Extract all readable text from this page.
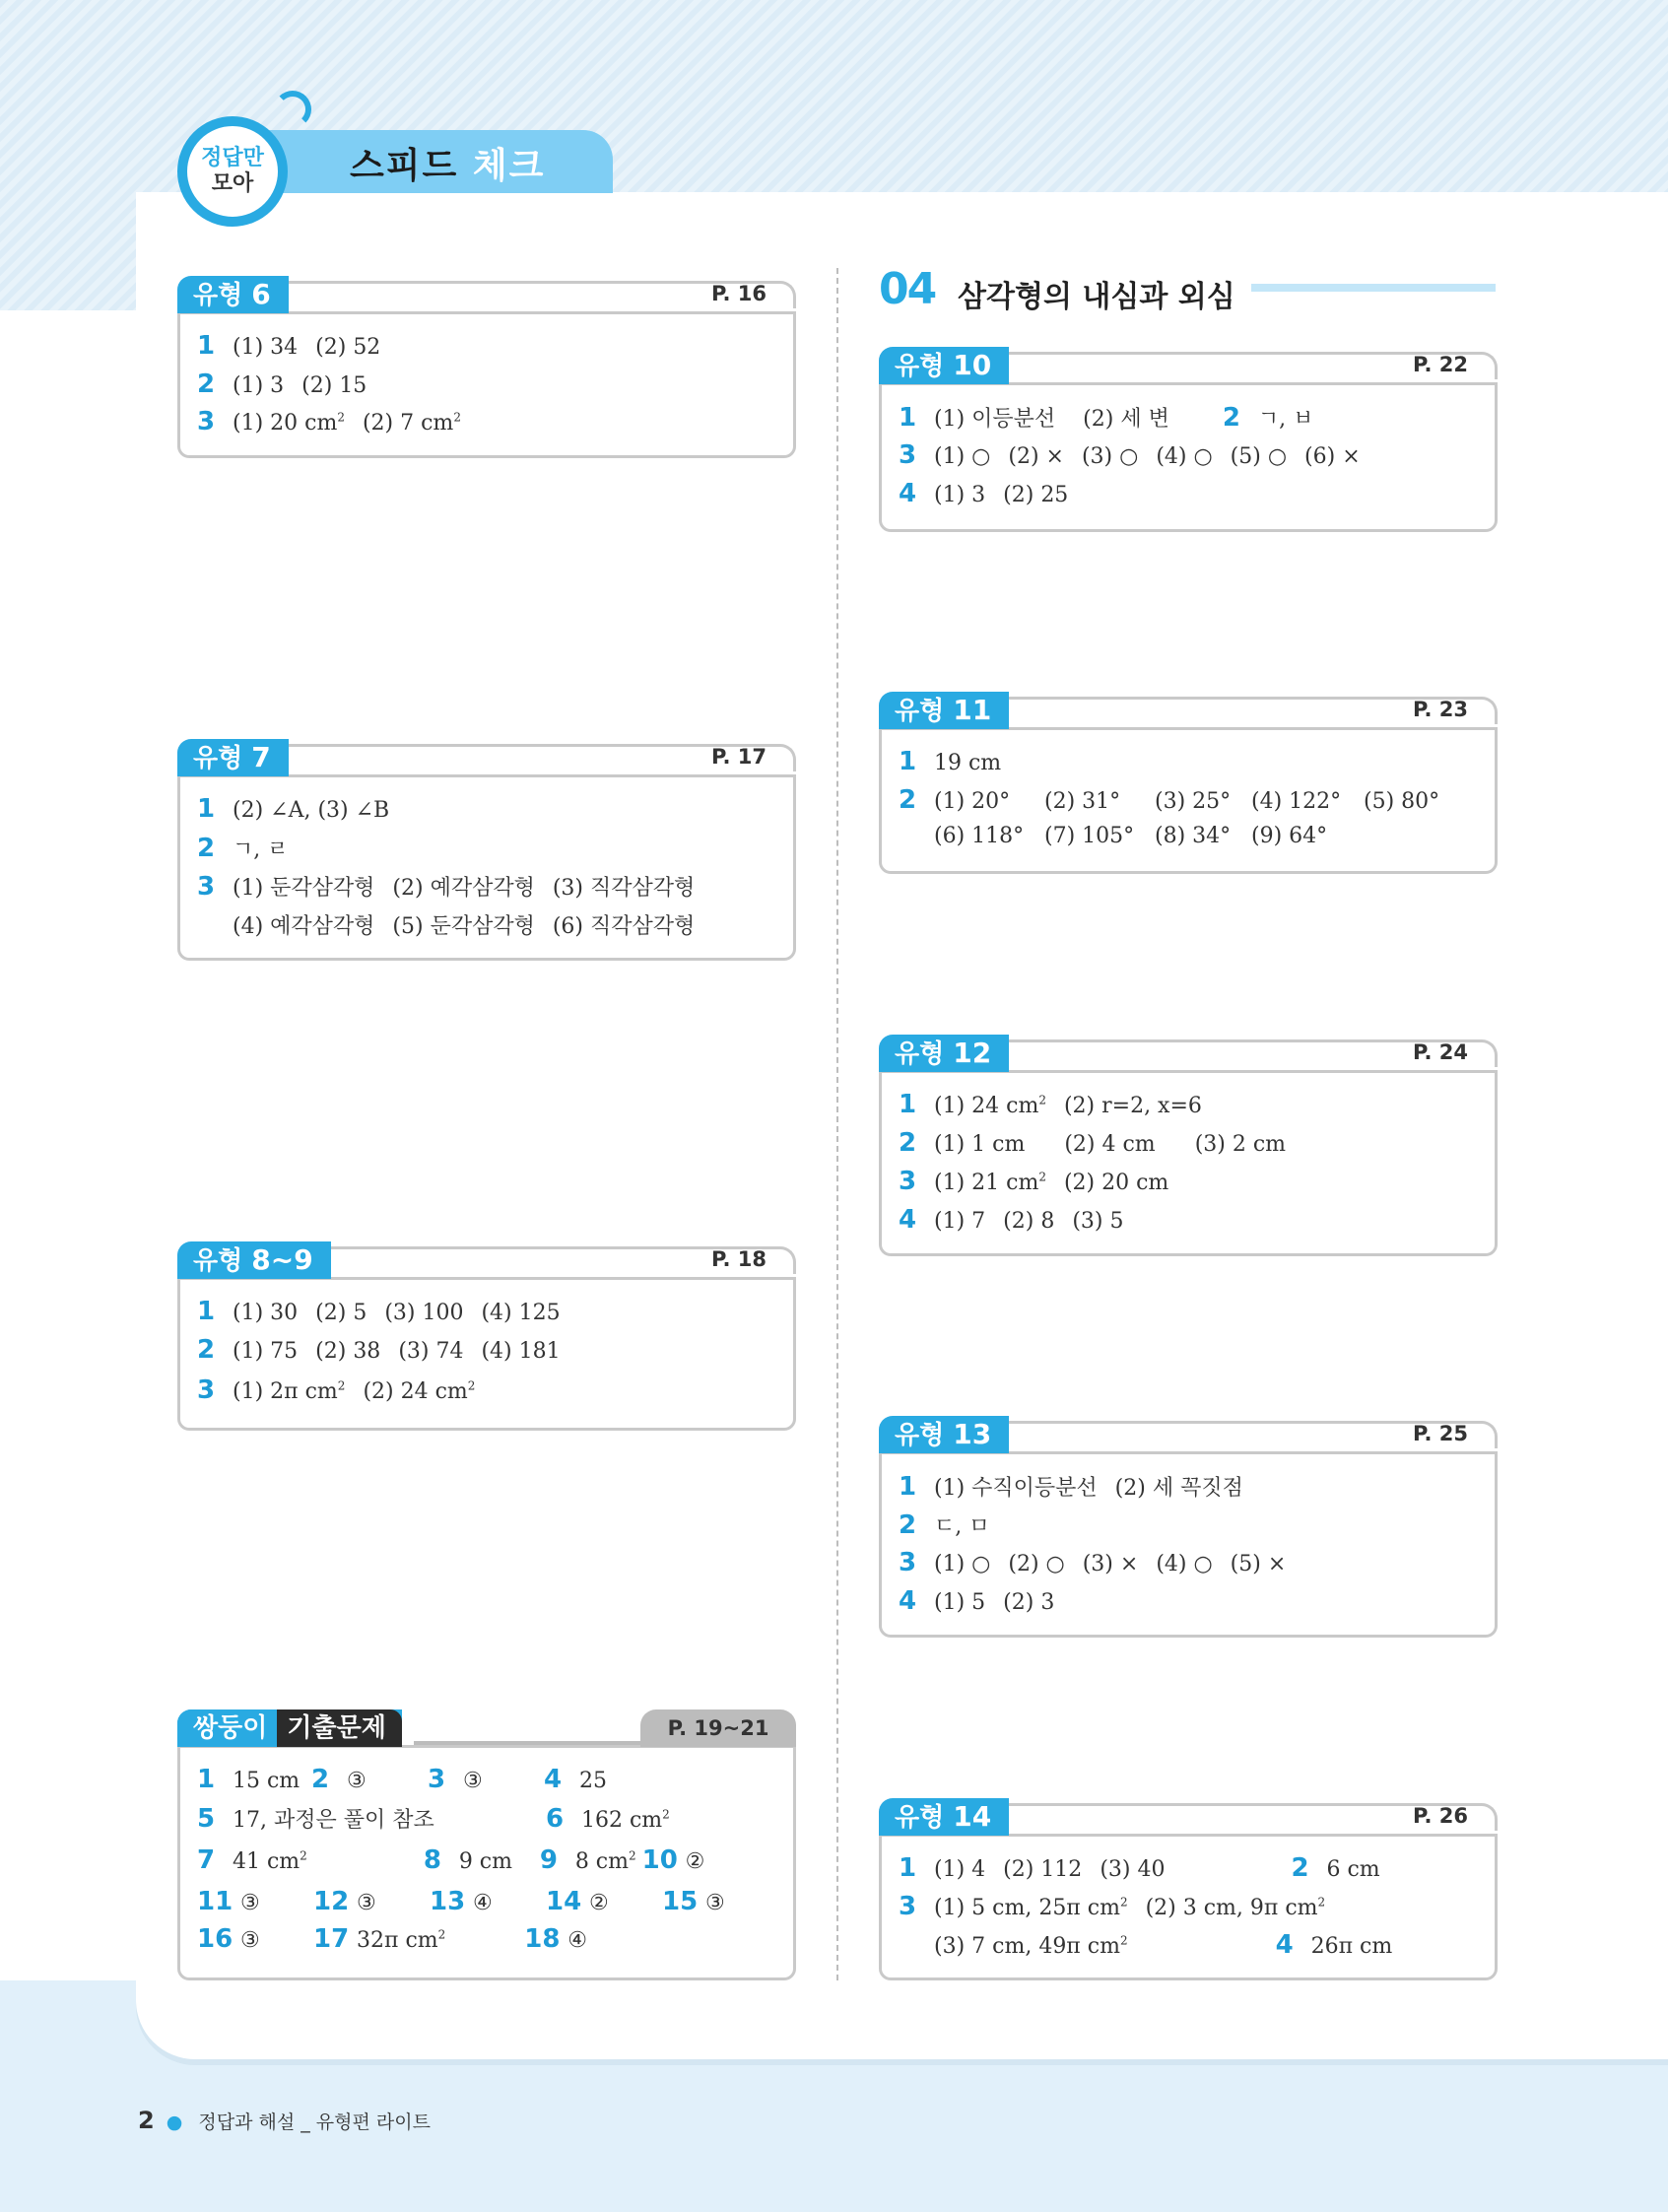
정답만
모아	스피드 체크
유형 6	P. 16
1 (1) 34 (2) 52
2 (1) 3 (2) 15
3 (1) 20 $cm^2$ (2) 7 $cm^2$
유형 7	P. 17
1 (2) ∠A, (3) ∠B
2 ㄱ, ㄹ
3 (1) 둔각삼각형 (2) 예각삼각형 (3) 직각삼각형
(4) 예각삼각형 (5) 둔각삼각형 (6) 직각삼각형
유형 8~9	P. 18
1 (1) 30 (2) 5 (3) 100 (4) 125
2 (1) 75 (2) 38 (3) 74 (4) 181
3 (1) 2π $cm^2$ (2) 24 $cm^2$
쌍둥이 기출문제	P. 19~21
1 15 cm 2 ③ 3 ③ 4 25
5 17, 과정은 풀이 참조	6 162 $cm^2$
7 41 $cm^2$	8 9 cm 9 8 $cm^2$ 10 ②
11 ③ 12 ③ 13 ④ 14 ② 15 ③
16 ③ 17 32π $cm^2$	18 ④
04 삼각형의 내심과 외심
유형 10	P. 22
1 (1) 이등분선 (2) 세 변 2 ㄱ, ㅂ
3 (1) ○ (2) × (3) ○ (4) ○ (5) ○ (6) ×
4 (1) 3 (2) 25
유형 11	P. 23
1 19 cm
2 (1) 20° (2) 31° (3) 25° (4) 122° (5) 80°
(6) 118° (7) 105° (8) 34° (9) 64°
유형 12	P. 24
1 (1) 24 $cm^2$ (2) r=2, x=6
2 (1) 1 cm (2) 4 cm (3) 2 cm
3 (1) 21 $cm^2$ (2) 20 cm
4 (1) 7 (2) 8 (3) 5
유형 13	P. 25
1 (1) 수직이등분선 (2) 세 꼭짓점
2 ㄷ, ㅁ
3 (1) ○ (2) ○ (3) × (4) ○ (5) ×
4 (1) 5 (2) 3
유형 14	P. 26
1 (1) 4 (2) 112 (3) 40	2 6 cm
3 (1) 5 cm, 25π $cm^2$ (2) 3 cm, 9π $cm^2$
(3) 7 cm, 49π $cm^2$	4 26π cm
2 ● 정답과 해설 _ 유형편 라이트
